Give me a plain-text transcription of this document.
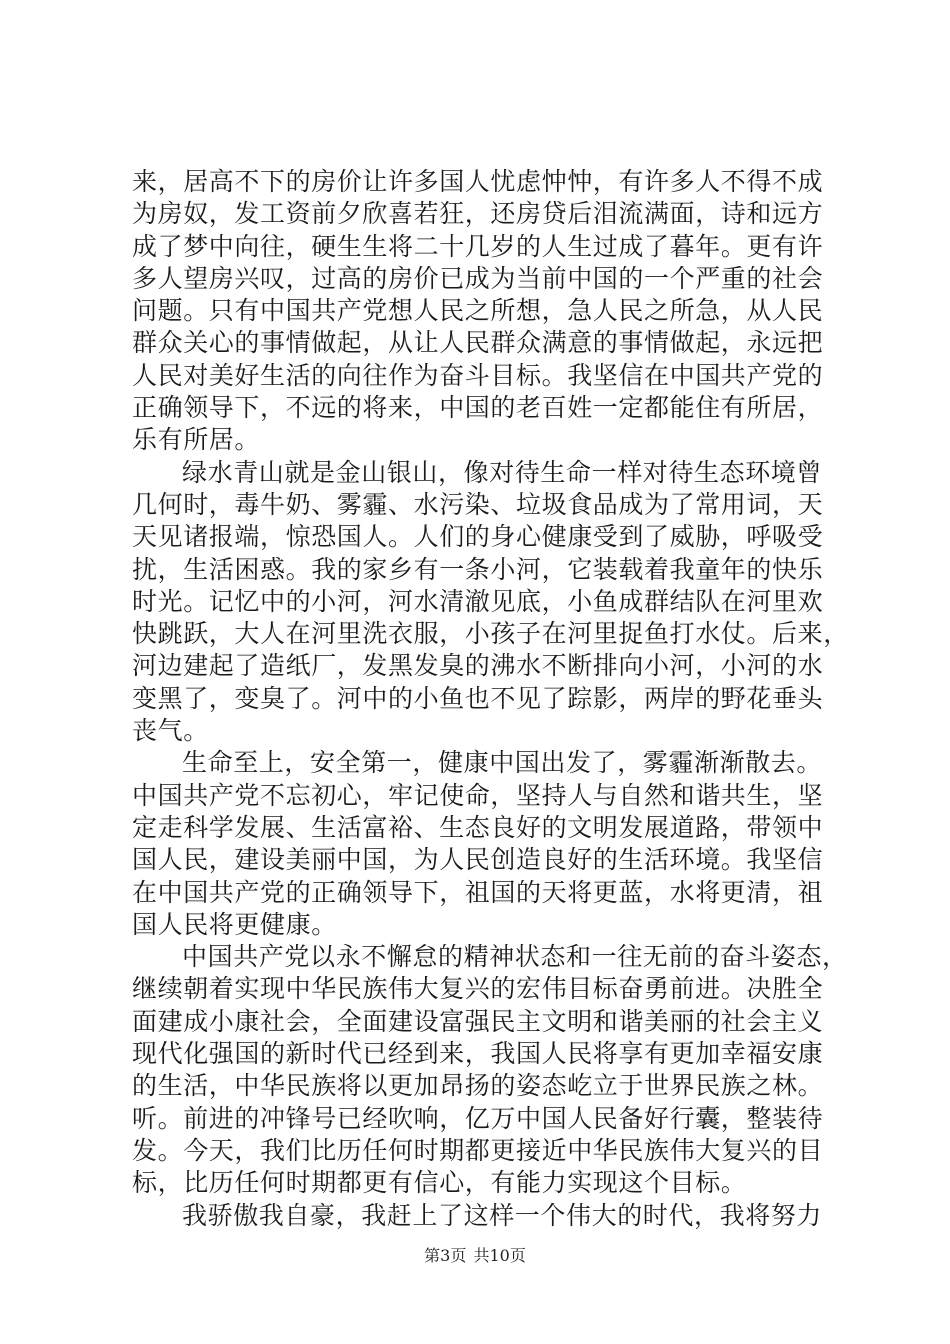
来，居高不下的房价让许多国人忧虑忡忡，有许多人不得不成
为房奴，发工资前夕欣喜若狂，还房贷后泪流满面，诗和远方
成了梦中向往，硬生生将二十几岁的人生过成了暮年。更有许
多人望房兴叹，过高的房价已成为当前中国的一个严重的社会
问题。只有中国共产党想人民之所想，急人民之所急，从人民
群众关心的事情做起，从让人民群众满意的事情做起，永远把
人民对美好生活的向往作为奋斗目标。我坚信在中国共产党的
正确领导下，不远的将来，中国的老百姓一定都能住有所居，
乐有所居。
绿水青山就是金山银山，像对待生命一样对待生态环境曾
几何时，毒牛奶、雾霾、水污染、垃圾食品成为了常用词，天
天见诸报端，惊恐国人。人们的身心健康受到了威胁，呼吸受
扰，生活困惑。我的家乡有一条小河，它装载着我童年的快乐
时光。记忆中的小河，河水清澈见底，小鱼成群结队在河里欢
快跳跃，大人在河里洗衣服，小孩子在河里捉鱼打水仗。后来，
河边建起了造纸厂，发黑发臭的沸水不断排向小河，小河的水
变黑了，变臭了。河中的小鱼也不见了踪影，两岸的野花垂头
丧气。
生命至上，安全第一，健康中国出发了，雾霾渐渐散去。
中国共产党不忘初心，牢记使命，坚持人与自然和谐共生，坚
定走科学发展、生活富裕、生态良好的文明发展道路，带领中
国人民，建设美丽中国，为人民创造良好的生活环境。我坚信
在中国共产党的正确领导下，祖国的天将更蓝，水将更清，祖
国人民将更健康。
中国共产党以永不懈怠的精神状态和一往无前的奋斗姿态，
继续朝着实现中华民族伟大复兴的宏伟目标奋勇前进。决胜全
面建成小康社会，全面建设富强民主文明和谐美丽的社会主义
现代化强国的新时代已经到来，我国人民将享有更加幸福安康
的生活，中华民族将以更加昂扬的姿态屹立于世界民族之林。
听。前进的冲锋号已经吹响，亿万中国人民备好行囊，整装待
发。今天，我们比历任何时期都更接近中华民族伟大复兴的目
标，比历任何时期都更有信心，有能力实现这个目标。
我骄傲我自豪，我赶上了这样一个伟大的时代，我将努力
第3页 共10页
